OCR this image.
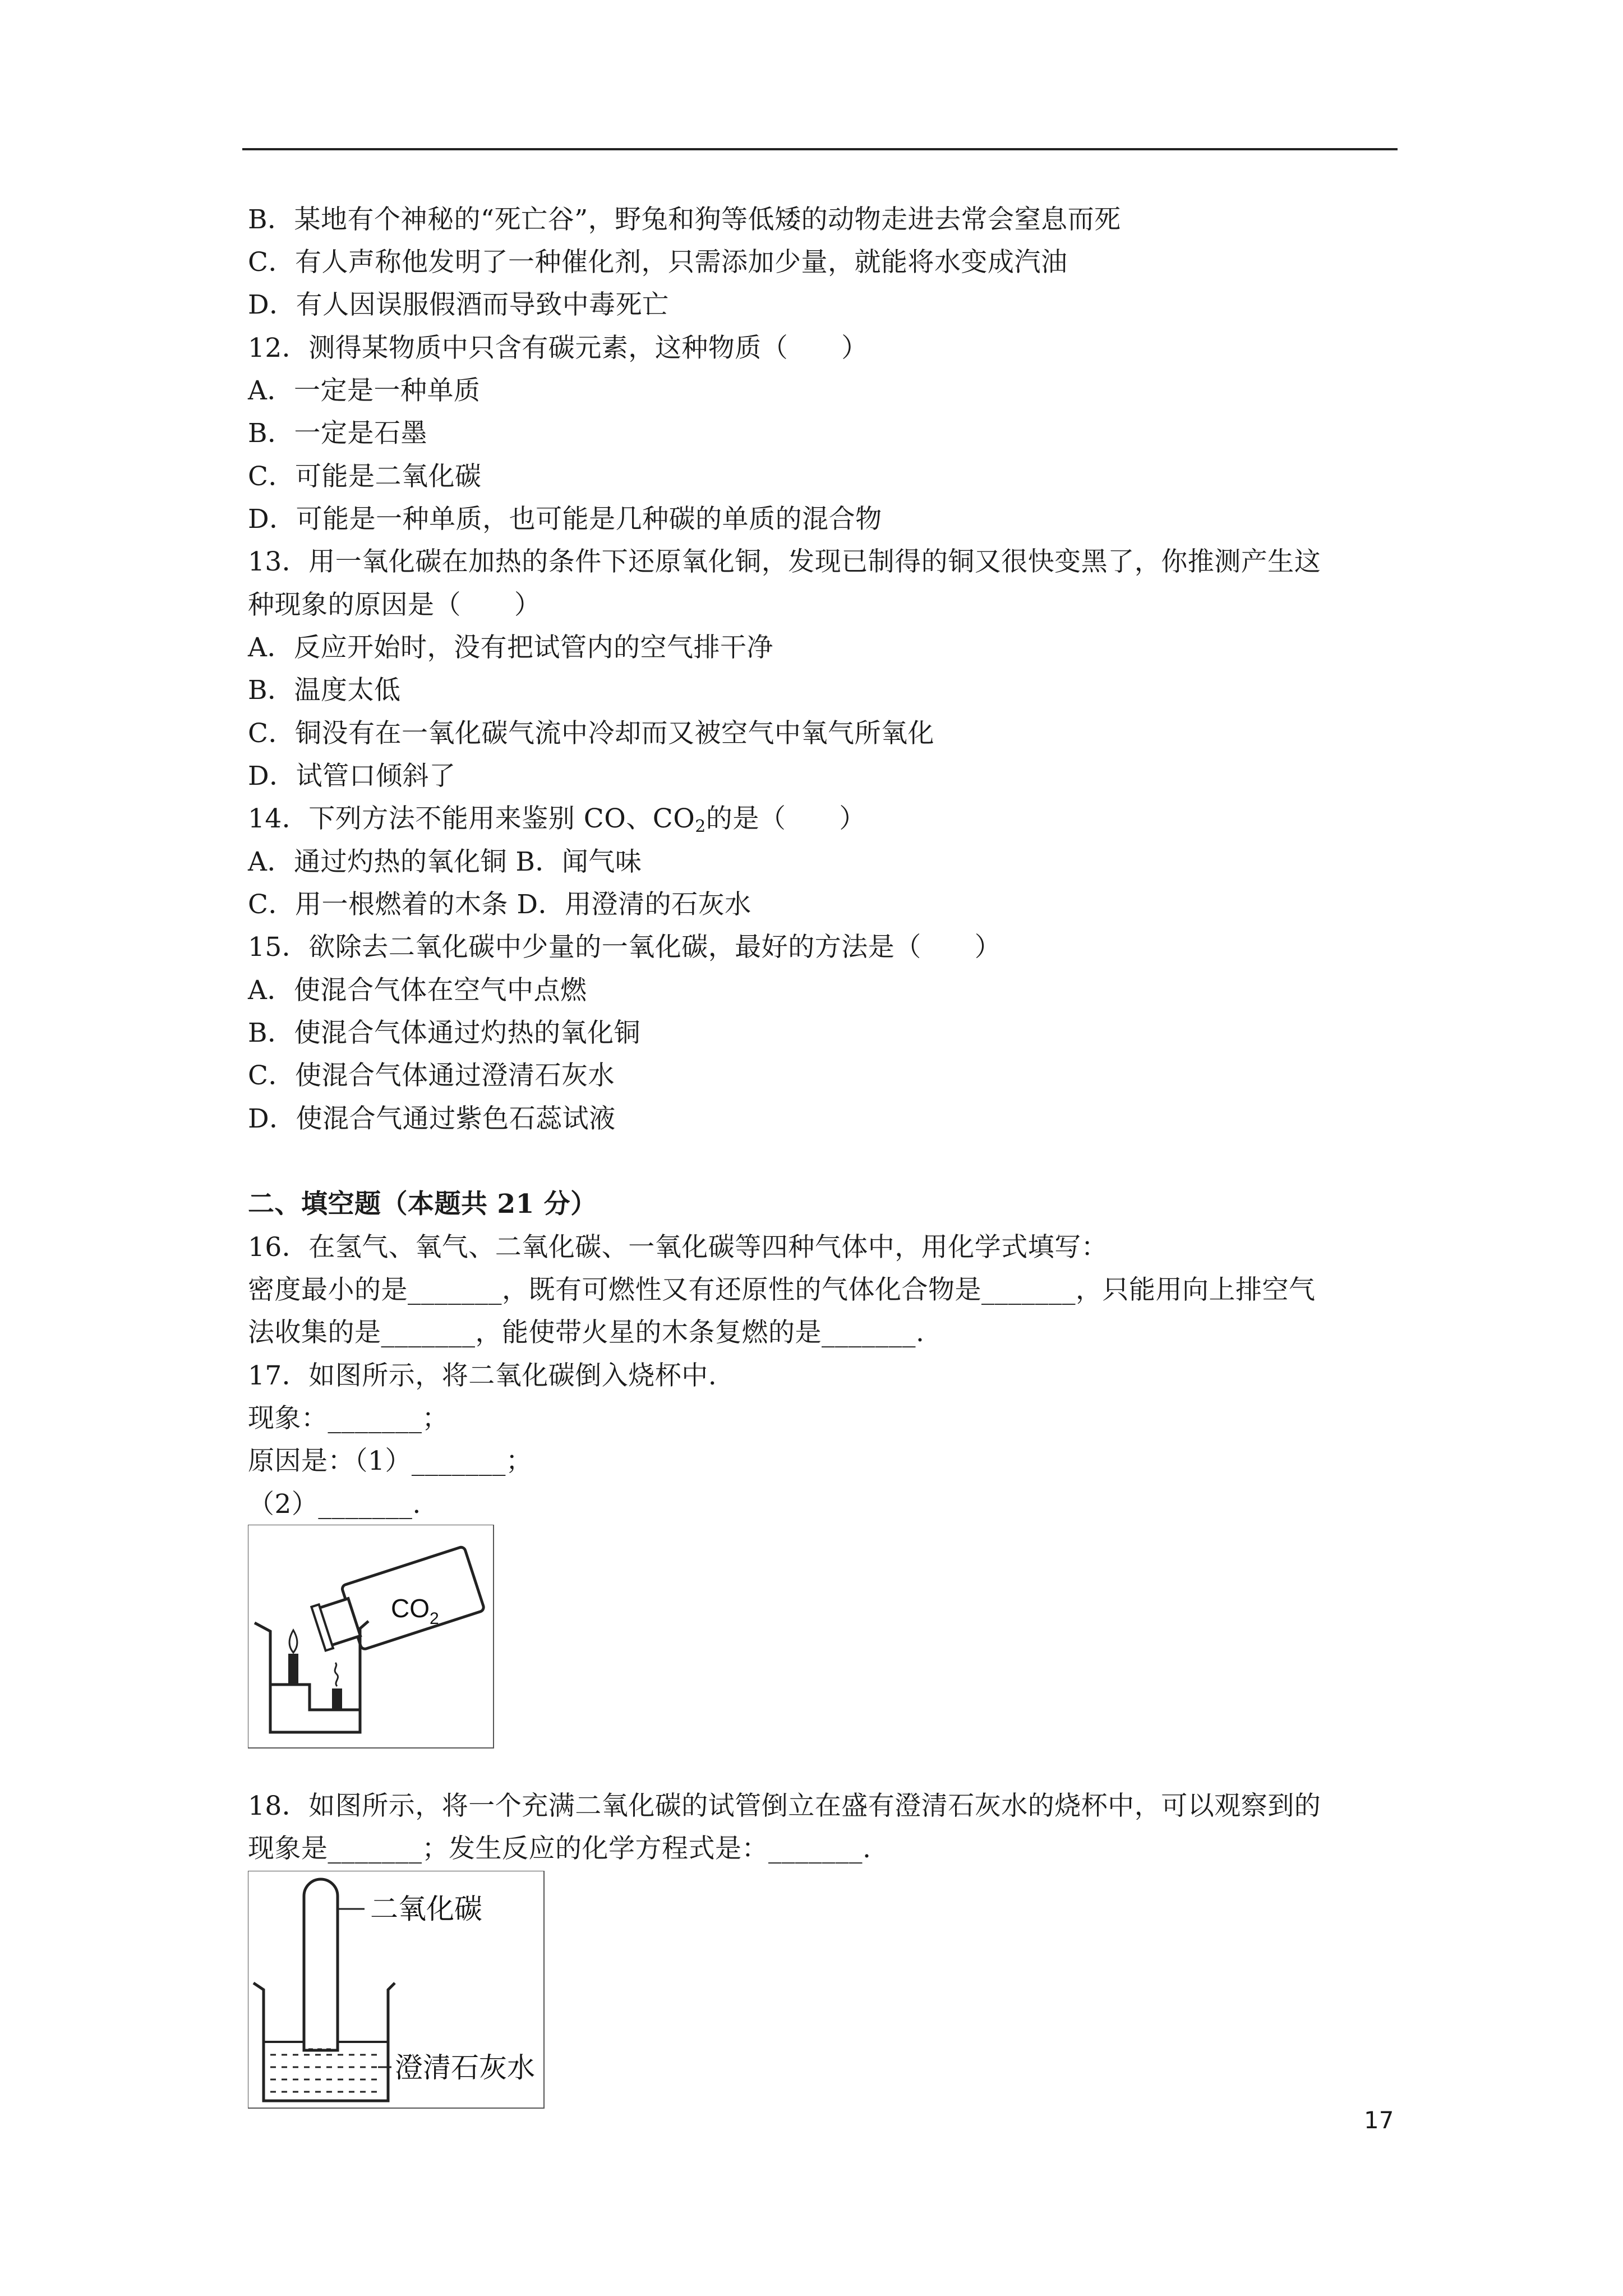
B．某地有个神秘的“死亡谷”，野兔和狗等低矮的动物走进去常会窒息而死
C．有人声称他发明了一种催化剂，只需添加少量，就能将水变成汽油
D．有人因误服假酒而导致中毒死亡
12．测得某物质中只含有碳元素，这种物质（　　）
A．一定是一种单质
B．一定是石墨
C．可能是二氧化碳
D．可能是一种单质，也可能是几种碳的单质的混合物
13．用一氧化碳在加热的条件下还原氧化铜，发现已制得的铜又很快变黑了，你推测产生这
种现象的原因是（　　）
A．反应开始时，没有把试管内的空气排干净
B．温度太低
C．铜没有在一氧化碳气流中冷却而又被空气中氧气所氧化
D．试管口倾斜了
14．下列方法不能用来鉴别 CO、$CO_2$的是（　　）
A．通过灼热的氧化铜 B．闻气味
C．用一根燃着的木条 D．用澄清的石灰水
15．欲除去二氧化碳中少量的一氧化碳，最好的方法是（　　）
A．使混合气体在空气中点燃
B．使混合气体通过灼热的氧化铜
C．使混合气体通过澄清石灰水
D．使混合气通过紫色石蕊试液
二、填空题（本题共 21 分）
16．在氢气、氧气、二氧化碳、一氧化碳等四种气体中，用化学式填写：
密度最小的是_______，既有可燃性又有还原性的气体化合物是_______，只能用向上排空气
法收集的是_______，能使带火星的木条复燃的是_______.
17．如图所示，将二氧化碳倒入烧杯中.
现象：_______；
原因是：（1）_______；
（2）_______.
$CO_2$
18．如图所示，将一个充满二氧化碳的试管倒立在盛有澄清石灰水的烧杯中，可以观察到的
现象是_______；发生反应的化学方程式是：_______.
二氧化碳
澄清石灰水
17
